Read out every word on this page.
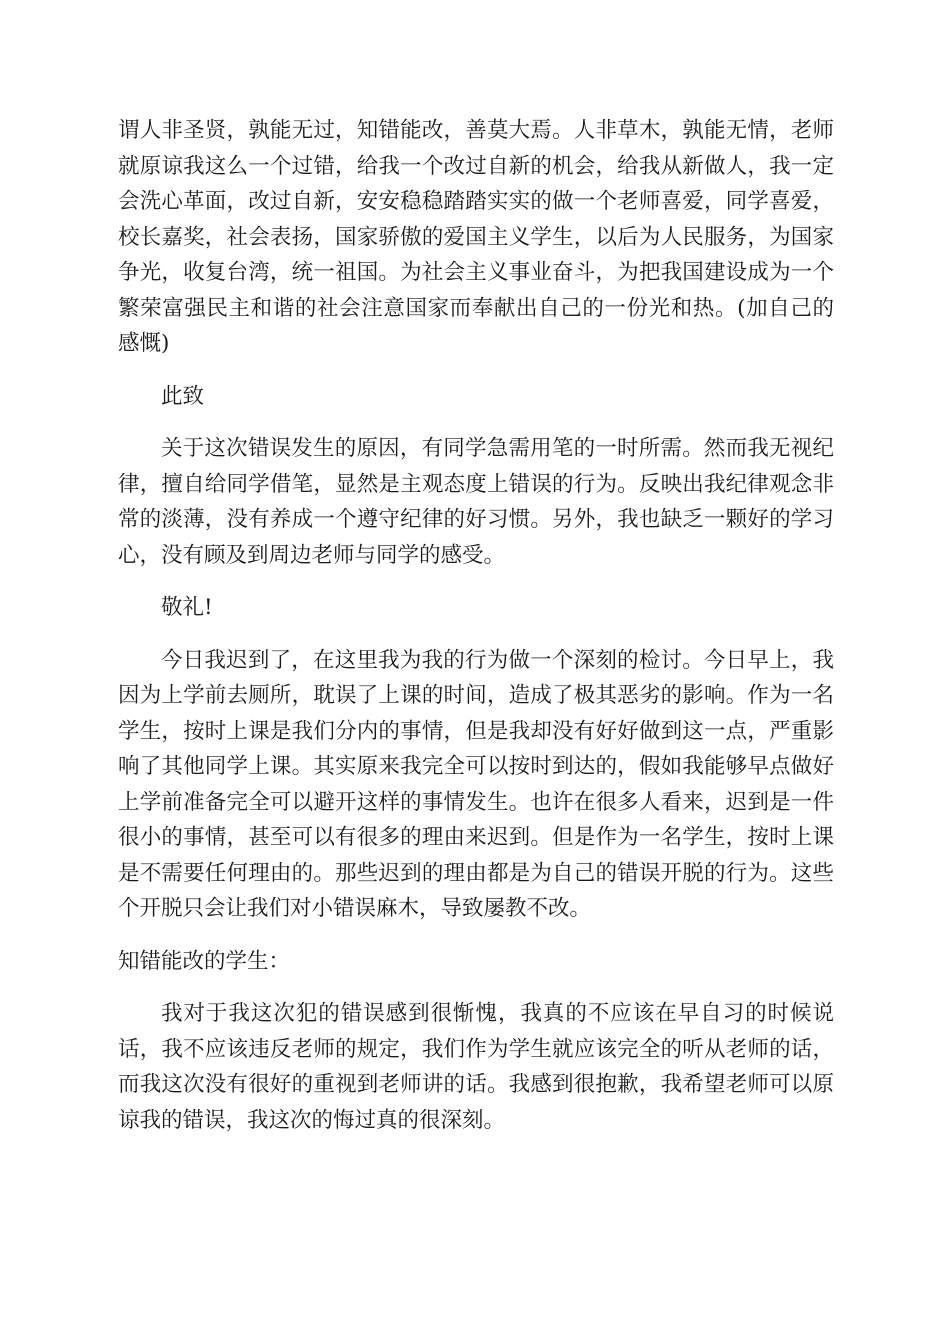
谓人非圣贤，孰能无过，知错能改，善莫大焉。人非草木，孰能无情，老师就原谅我这么一个过错，给我一个改过自新的机会，给我从新做人，我一定会洗心革面，改过自新，安安稳稳踏踏实实的做一个老师喜爱，同学喜爱，校长嘉奖，社会表扬，国家骄傲的爱国主义学生，以后为人民服务，为国家争光，收复台湾，统一祖国。为社会主义事业奋斗，为把我国建设成为一个繁荣富强民主和谐的社会注意国家而奉献出自己的一份光和热。(加自己的感慨)

此致

关于这次错误发生的原因，有同学急需用笔的一时所需。然而我无视纪律，擅自给同学借笔，显然是主观态度上错误的行为。反映出我纪律观念非常的淡薄，没有养成一个遵守纪律的好习惯。另外，我也缺乏一颗好的学习心，没有顾及到周边老师与同学的感受。

敬礼!

今日我迟到了，在这里我为我的行为做一个深刻的检讨。今日早上，我因为上学前去厕所，耽误了上课的时间，造成了极其恶劣的影响。作为一名学生，按时上课是我们分内的事情，但是我却没有好好做到这一点，严重影响了其他同学上课。其实原来我完全可以按时到达的，假如我能够早点做好上学前准备完全可以避开这样的事情发生。也许在很多人看来，迟到是一件很小的事情，甚至可以有很多的理由来迟到。但是作为一名学生，按时上课是不需要任何理由的。那些迟到的理由都是为自己的错误开脱的行为。这些个开脱只会让我们对小错误麻木，导致屡教不改。

知错能改的学生：

我对于我这次犯的错误感到很惭愧，我真的不应该在早自习的时候说话，我不应该违反老师的规定，我们作为学生就应该完全的听从老师的话，而我这次没有很好的重视到老师讲的话。我感到很抱歉，我希望老师可以原谅我的错误，我这次的悔过真的很深刻。
